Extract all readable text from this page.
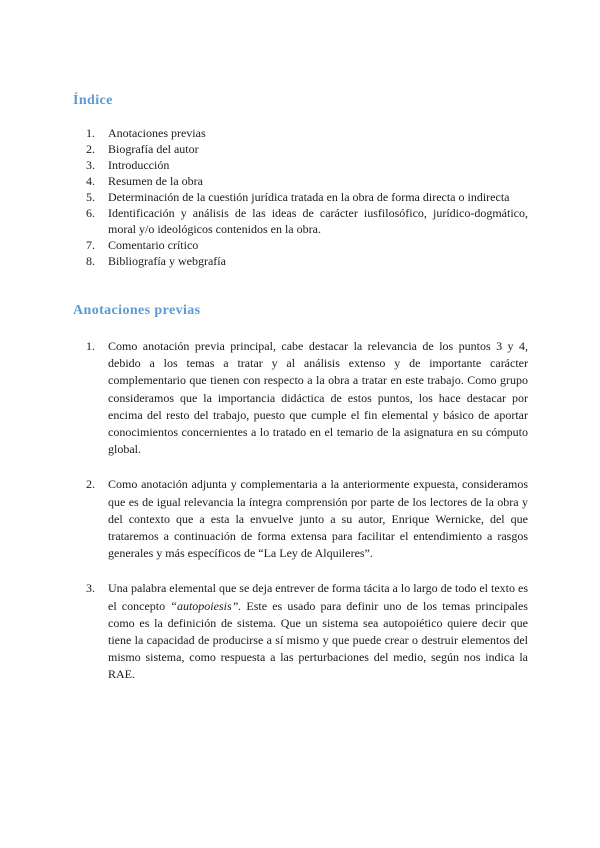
Índice
1.	Anotaciones previas
2.	Biografía del autor
3.	Introducción
4.	Resumen de la obra
5.	Determinación de la cuestión jurídica tratada en la obra de forma directa o indirecta
6.	Identificación y análisis de las ideas de carácter iusfilosófico, jurídico-dogmático, moral y/o ideológicos contenidos en la obra.
7.	Comentario crítico
8.	Bibliografía y webgrafía
Anotaciones previas
1.	Como anotación previa principal, cabe destacar la relevancia de los puntos 3 y 4, debido a los temas a tratar y al análisis extenso y de importante carácter complementario que tienen con respecto a la obra a tratar en este trabajo. Como grupo consideramos que la importancia didáctica de estos puntos, los hace destacar por encima del resto del trabajo, puesto que cumple el fin elemental y básico de aportar conocimientos concernientes a lo tratado en el temario de la asignatura en su cómputo global.
2.	Como anotación adjunta y complementaria a la anteriormente expuesta, consideramos que es de igual relevancia la íntegra comprensión por parte de los lectores de la obra y del contexto que a esta la envuelve junto a su autor, Enrique Wernicke, del que trataremos a continuación de forma extensa para facilitar el entendimiento a rasgos generales y más específicos de “La Ley de Alquileres”.
3.	Una palabra elemental que se deja entrever de forma tácita a lo largo de todo el texto es el concepto “autopoiesis”. Este es usado para definir uno de los temas principales como es la definición de sistema. Que un sistema sea autopoiético quiere decir que tiene la capacidad de producirse a sí mismo y que puede crear o destruir elementos del mismo sistema, como respuesta a las perturbaciones del medio, según nos indica la RAE.
